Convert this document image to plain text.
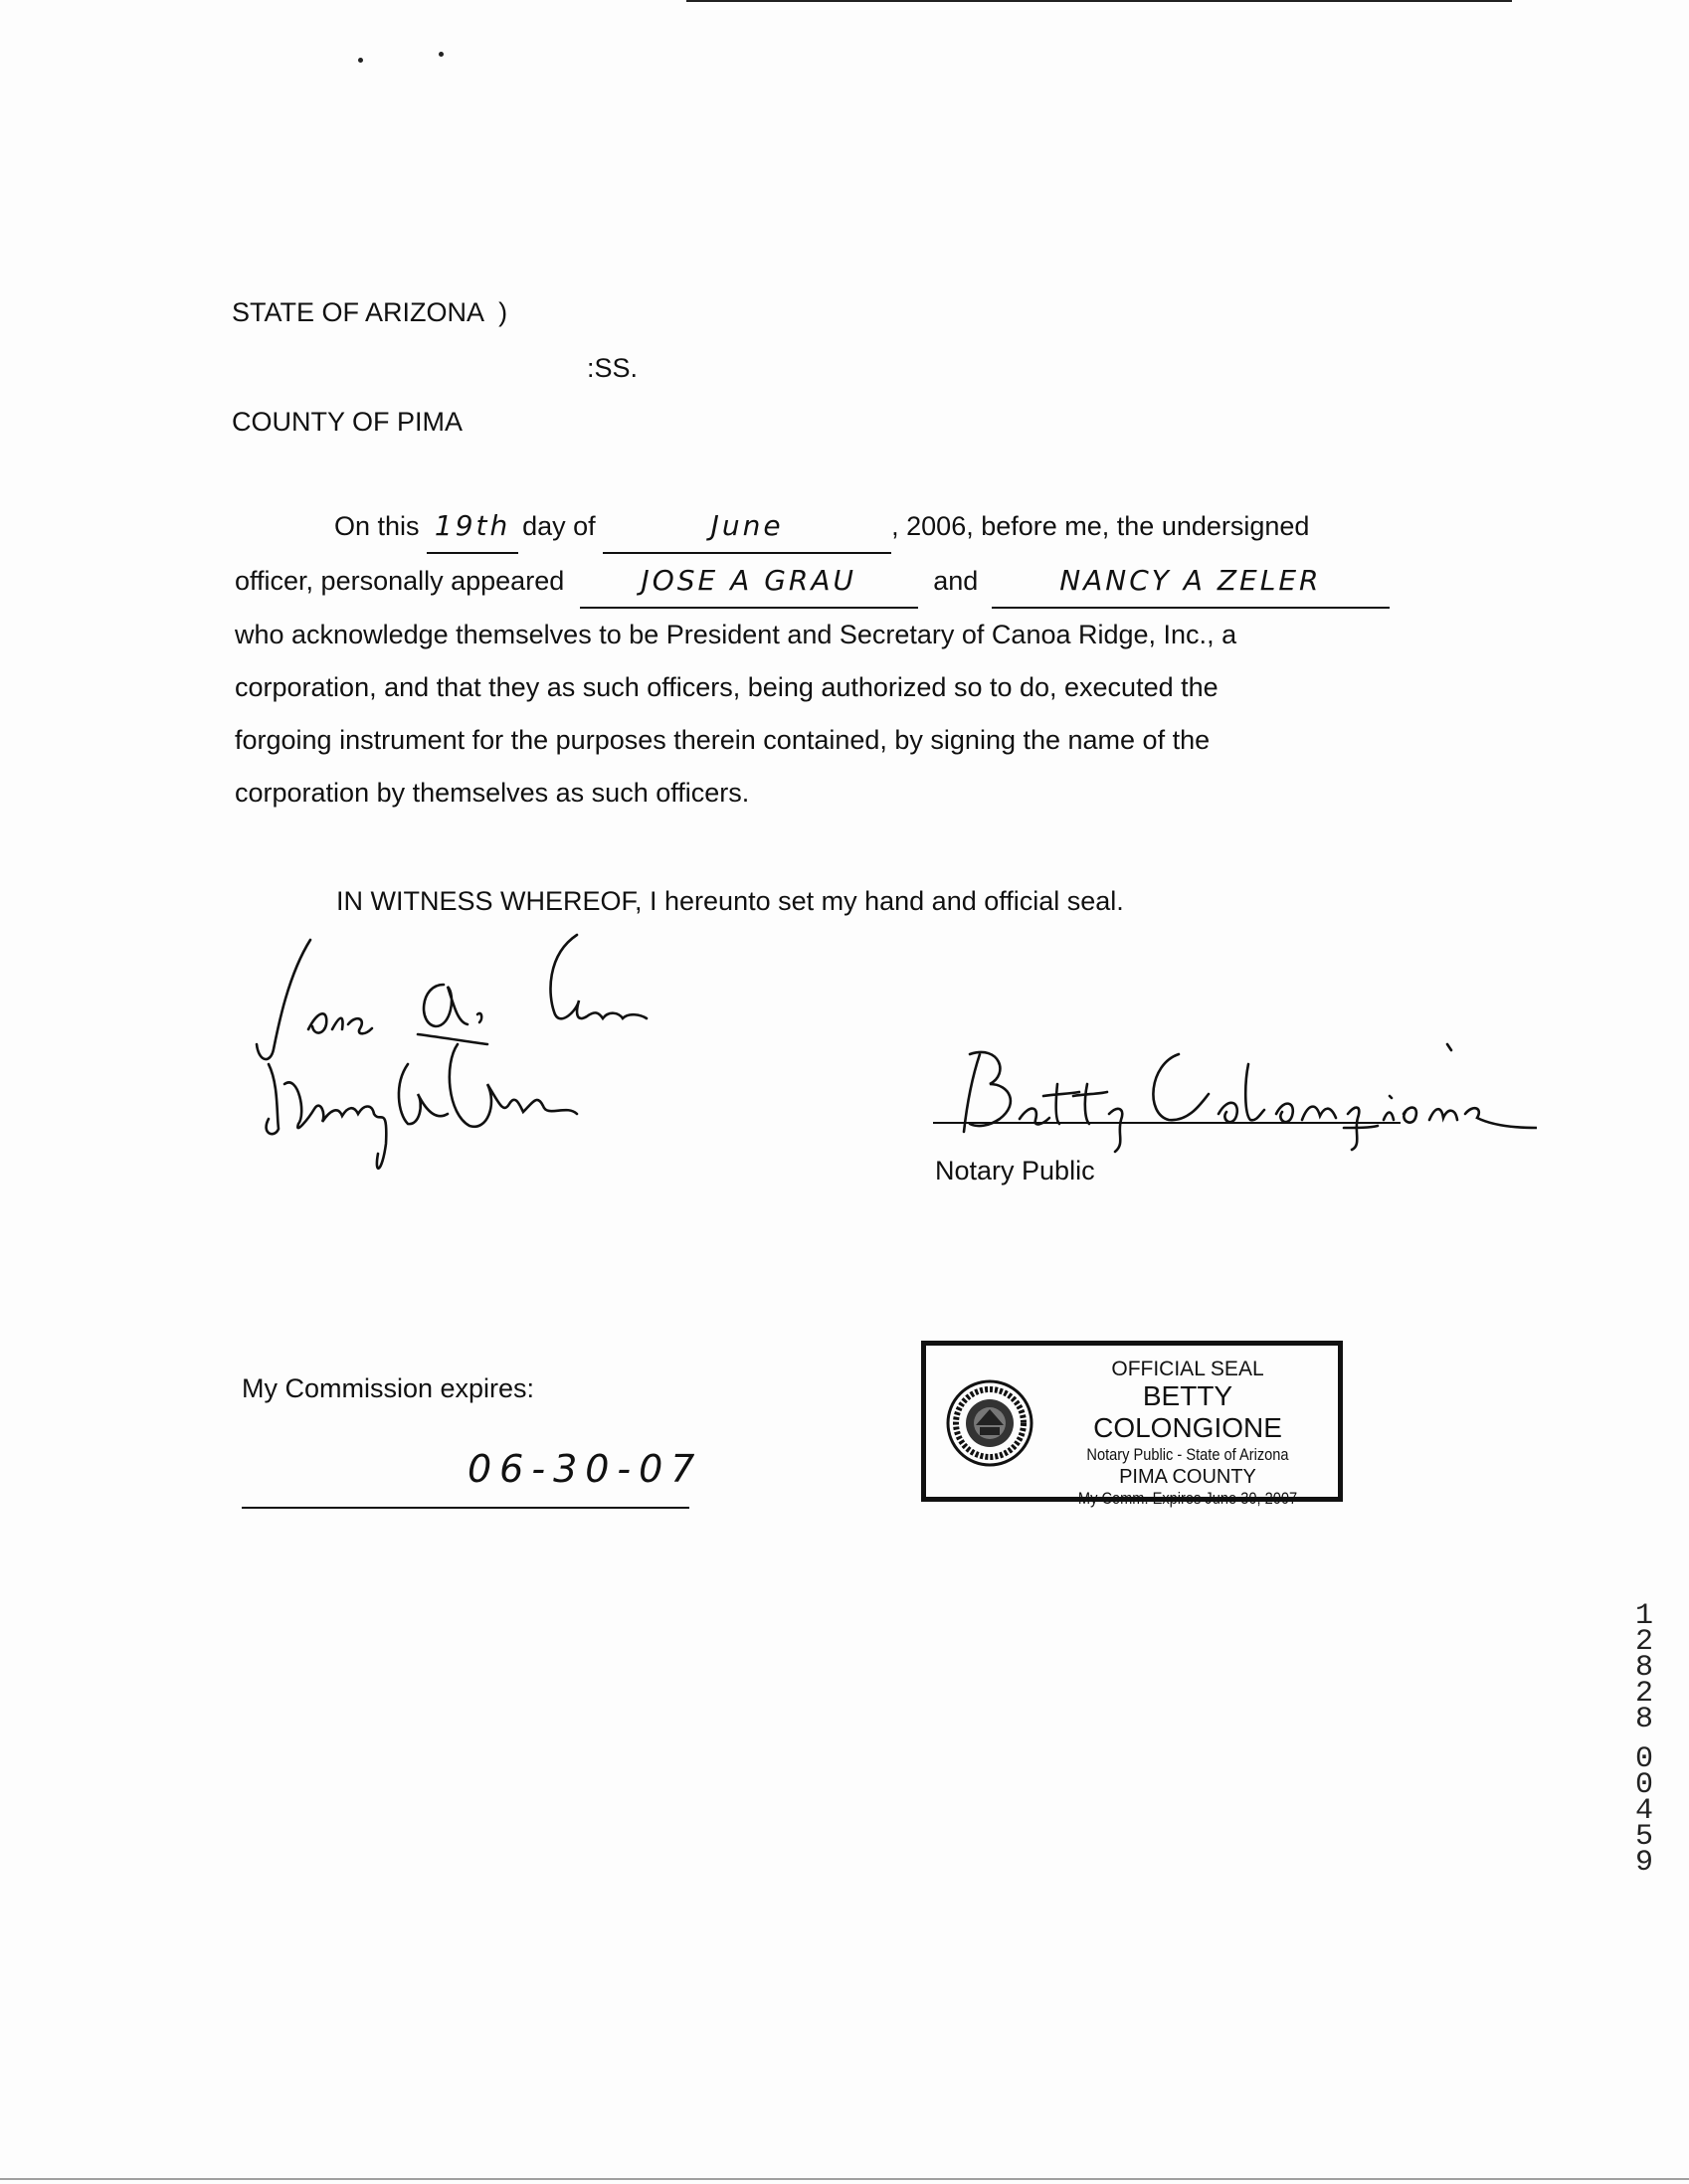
STATE OF ARIZONA )
:SS.
COUNTY OF PIMA
On this 19th day of	June	, 2006, before me, the undersigned
officer, personally appeared	JOSE A GRAU	and	NANCY A ZELER
who acknowledge themselves to be President and Secretary of Canoa Ridge, Inc., a
corporation, and that they as such officers, being authorized so to do, executed the
forgoing instrument for the purposes therein contained, by signing the name of the
corporation by themselves as such officers.
IN WITNESS WHEREOF, I hereunto set my hand and official seal.
Notary Public
My Commission expires:
06-30-07
OFFICIAL SEAL
BETTY COLONGIONE
Notary Public - State of Arizona
PIMA COUNTY
My Comm. Expires June 30, 2007
1
2
8
2
8
0
0
4
5
9
